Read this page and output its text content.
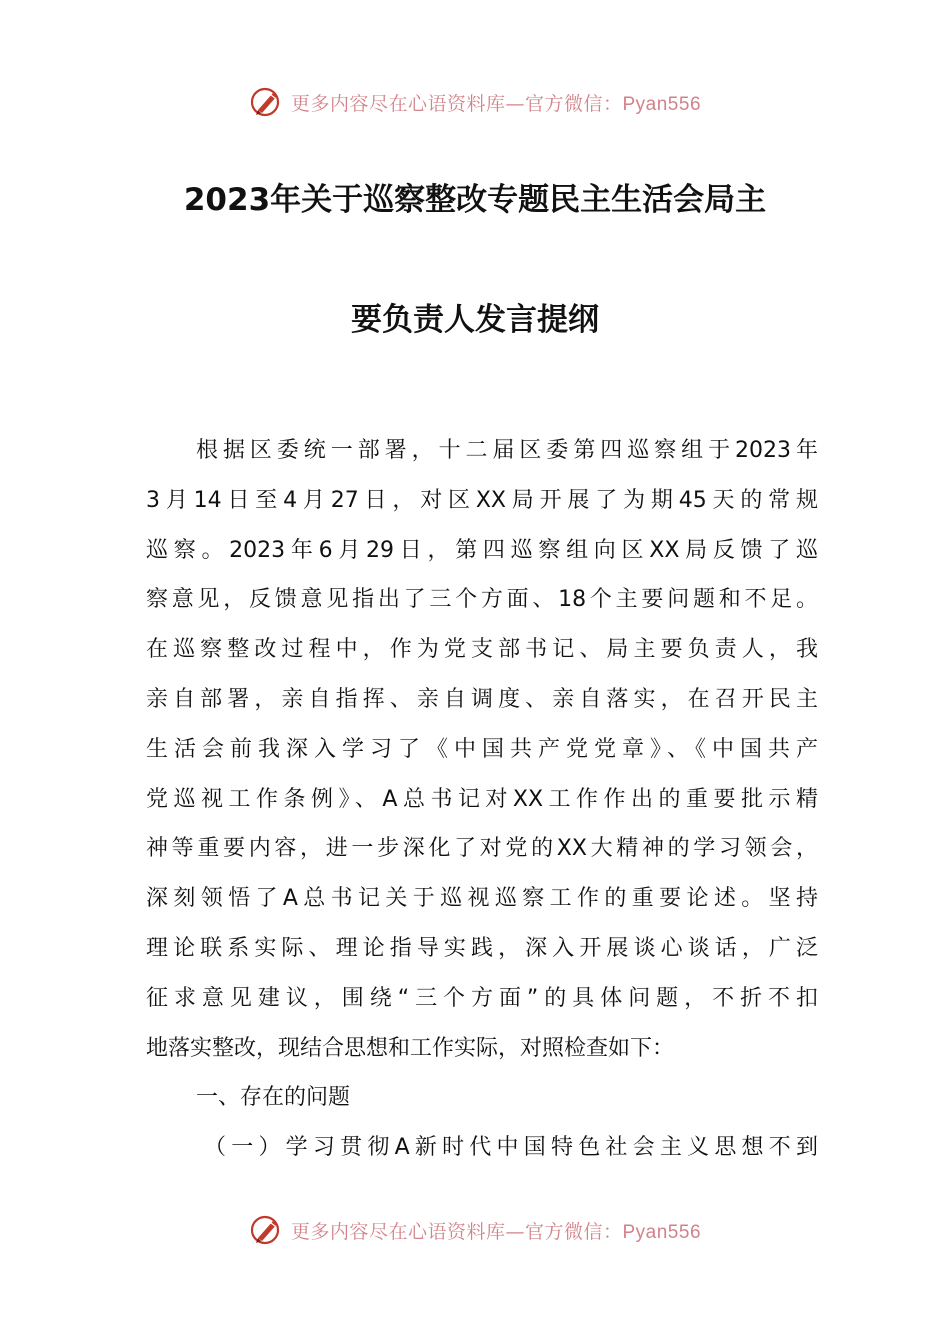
更多内容尽在心语资料库—官方微信：Pyan556
2023年关于巡察整改专题民主生活会局主
要负责人发言提纲
根据区委统一部署，十二届区委第四巡察组于2023年
3月14日至4月27日，对区XX局开展了为期45天的常规
巡察。2023年6月29日，第四巡察组向区XX局反馈了巡
察意见，反馈意见指出了三个方面、18个主要问题和不足。
在巡察整改过程中，作为党支部书记、局主要负责人，我
亲自部署，亲自指挥、亲自调度、亲自落实，在召开民主
生活会前我深入学习了《中国共产党党章》、《中国共产
党巡视工作条例》、A总书记对XX工作作出的重要批示精
神等重要内容，进一步深化了对党的XX大精神的学习领会，
深刻领悟了A总书记关于巡视巡察工作的重要论述。坚持
理论联系实际、理论指导实践，深入开展谈心谈话，广泛
征求意见建议，围绕“三个方面”的具体问题，不折不扣
地落实整改，现结合思想和工作实际，对照检查如下：
一、存在的问题
（一）学习贯彻A新时代中国特色社会主义思想不到
更多内容尽在心语资料库—官方微信：Pyan556
